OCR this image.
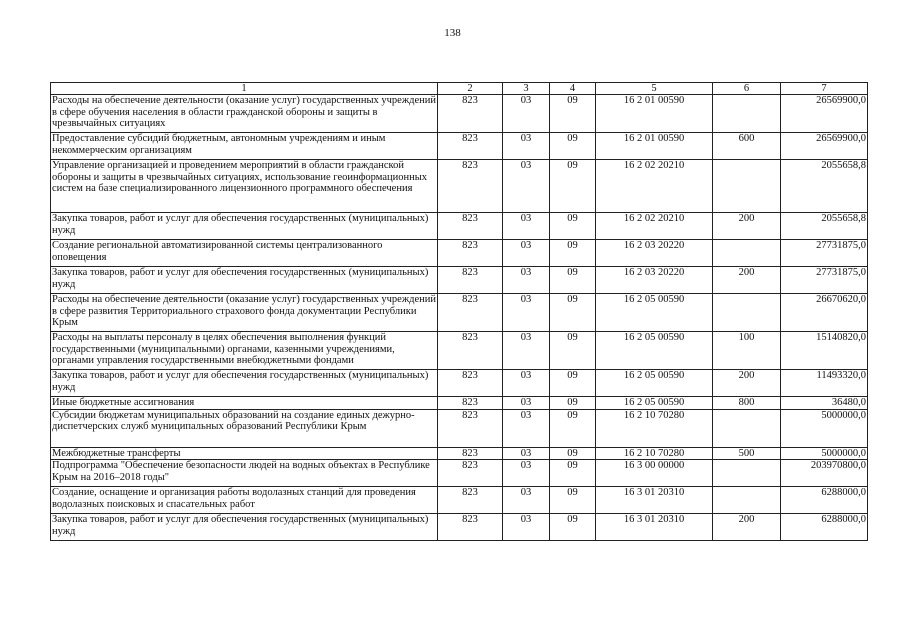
138
1	2	3	4	5	6	7
Расходы на обеспечение деятельности (оказание услуг) государственных учреждений в сфере обучения населения в области гражданской обороны и защиты в чрезвычайных ситуациях	823	03	09	16 2 01 00590		26569900,0
Предоставление субсидий бюджетным, автономным учреждениям и иным некоммерческим организациям	823	03	09	16 2 01 00590	600	26569900,0
Управление организацией и проведением мероприятий в области гражданской обороны и защиты в чрезвычайных ситуациях, использование геоинформационных систем на базе специализированного лицензионного программного обеспечения	823	03	09	16 2 02 20210		2055658,8
Закупка товаров, работ и услуг для обеспечения государственных (муниципальных) нужд	823	03	09	16 2 02 20210	200	2055658,8
Создание региональной автоматизированной системы централизованного оповещения	823	03	09	16 2 03 20220		27731875,0
Закупка товаров, работ и услуг для обеспечения государственных (муниципальных) нужд	823	03	09	16 2 03 20220	200	27731875,0
Расходы на обеспечение деятельности (оказание услуг) государственных учреждений в сфере развития Территориального страхового фонда документации Республики Крым	823	03	09	16 2 05 00590		26670620,0
Расходы на выплаты персоналу в целях обеспечения выполнения функций государственными (муниципальными) органами, казенными учреждениями, органами управления государственными внебюджетными фондами	823	03	09	16 2 05 00590	100	15140820,0
Закупка товаров, работ и услуг для обеспечения государственных (муниципальных) нужд	823	03	09	16 2 05 00590	200	11493320,0
Иные бюджетные ассигнования	823	03	09	16 2 05 00590	800	36480,0
Субсидии бюджетам муниципальных образований на создание единых дежурно-диспетчерских служб муниципальных образований Республики Крым	823	03	09	16 2 10 70280		5000000,0
Межбюджетные трансферты	823	03	09	16 2 10 70280	500	5000000,0
Подпрограмма "Обеспечение безопасности людей на водных объектах в Республике Крым на 2016–2018 годы"	823	03	09	16 3 00 00000		203970800,0
Создание, оснащение и организация работы водолазных станций для проведения водолазных поисковых и спасательных работ	823	03	09	16 3 01 20310		6288000,0
Закупка товаров, работ и услуг для обеспечения государственных (муниципальных) нужд	823	03	09	16 3 01 20310	200	6288000,0
